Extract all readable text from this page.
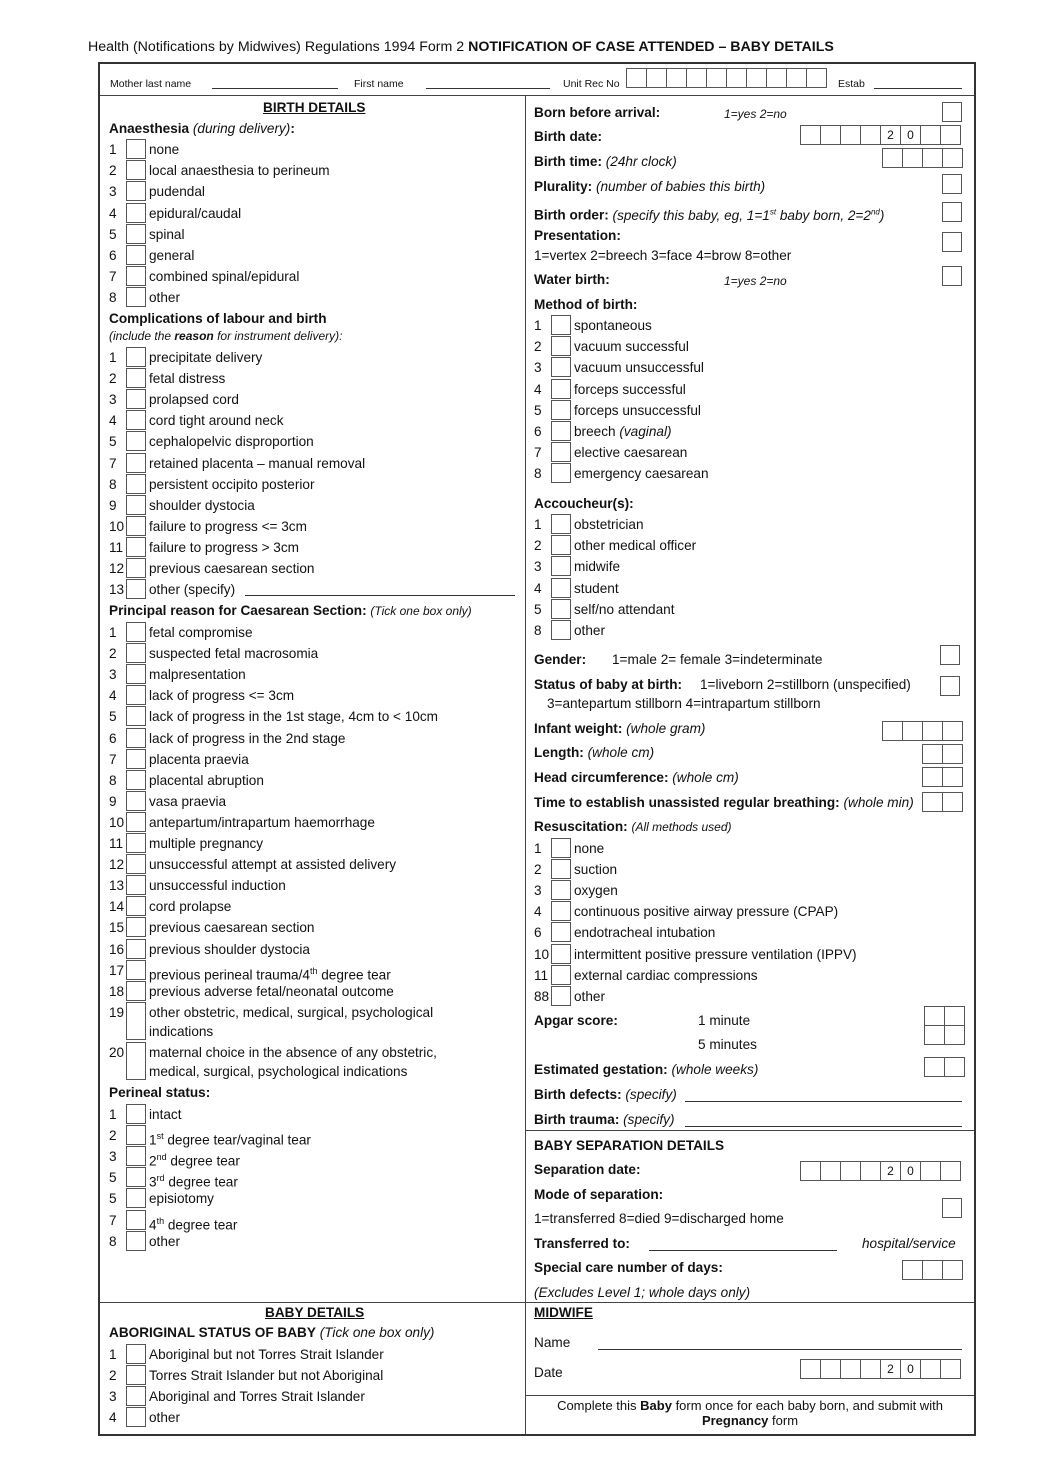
Health (Notifications by Midwives) Regulations 1994 Form 2 NOTIFICATION OF CASE ATTENDED – BABY DETAILS
Mother last name	First name	Unit Rec No	Estab
BIRTH DETAILS
Anaesthesia (during delivery):
1	none
2	local anaesthesia to perineum
3	pudendal
4	epidural/caudal
5	spinal
6	general
7	combined spinal/epidural
8	other
Complications of labour and birth
(include the reason for instrument delivery):
1	precipitate delivery
2	fetal distress
3	prolapsed cord
4	cord tight around neck
5	cephalopelvic disproportion
7	retained placenta – manual removal
8	persistent occipito posterior
9	shoulder dystocia
10	failure to progress <= 3cm
11	failure to progress > 3cm
12	previous caesarean section
13	other (specify)
Principal reason for Caesarean Section: (Tick one box only)
1	fetal compromise
2	suspected fetal macrosomia
3	malpresentation
4	lack of progress <= 3cm
5	lack of progress in the 1st stage, 4cm to < 10cm
6	lack of progress in the 2nd stage
7	placenta praevia
8	placental abruption
9	vasa praevia
10	antepartum/intrapartum haemorrhage
11	multiple pregnancy
12	unsuccessful attempt at assisted delivery
13	unsuccessful induction
14	cord prolapse
15	previous caesarean section
16	previous shoulder dystocia
17	previous perineal trauma/4th degree tear
18	previous adverse fetal/neonatal outcome
19	other obstetric, medical, surgical, psychological
indications
20	maternal choice in the absence of any obstetric,
medical, surgical, psychological indications
Perineal status:
1	intact
2	1st degree tear/vaginal tear
3	2nd degree tear
5	3rd degree tear
5	episiotomy
7	4th degree tear
8	other
BABY DETAILS
ABORIGINAL STATUS OF BABY (Tick one box only)
1	Aboriginal but not Torres Strait Islander
2	Torres Strait Islander but not Aboriginal
3	Aboriginal and Torres Strait Islander
4	other
Born before arrival:	1=yes 2=no
Birth date:	2	0
Birth time: (24hr clock)
Plurality: (number of babies this birth)
Birth order: (specify this baby, eg, 1=1st baby born, 2=2nd)
Presentation:
1=vertex 2=breech 3=face 4=brow 8=other
Water birth:	1=yes 2=no
Method of birth:
1	spontaneous
2	vacuum successful
3	vacuum unsuccessful
4	forceps successful
5	forceps unsuccessful
6	breech (vaginal)
7	elective caesarean
8	emergency caesarean
Accoucheur(s):
1	obstetrician
2	other medical officer
3	midwife
4	student
5	self/no attendant
8	other
Gender: 1=male 2= female 3=indeterminate
Status of baby at birth: 1=liveborn 2=stillborn (unspecified)
3=antepartum stillborn 4=intrapartum stillborn
Infant weight: (whole gram)
Length: (whole cm)
Head circumference: (whole cm)
Time to establish unassisted regular breathing: (whole min)
Resuscitation: (All methods used)
1	none
2	suction
3	oxygen
4	continuous positive airway pressure (CPAP)
6	endotracheal intubation
10	intermittent positive pressure ventilation (IPPV)
11	external cardiac compressions
88	other
Apgar score:	1 minute
5 minutes
Estimated gestation: (whole weeks)
Birth defects: (specify)
Birth trauma: (specify)
BABY SEPARATION DETAILS
Separation date:	2	0
Mode of separation:
1=transferred 8=died 9=discharged home
Transferred to:	hospital/service
Special care number of days:
(Excludes Level 1; whole days only)
MIDWIFE
Name
Date	2	0
Complete this Baby form once for each baby born, and submit with
Pregnancy form
